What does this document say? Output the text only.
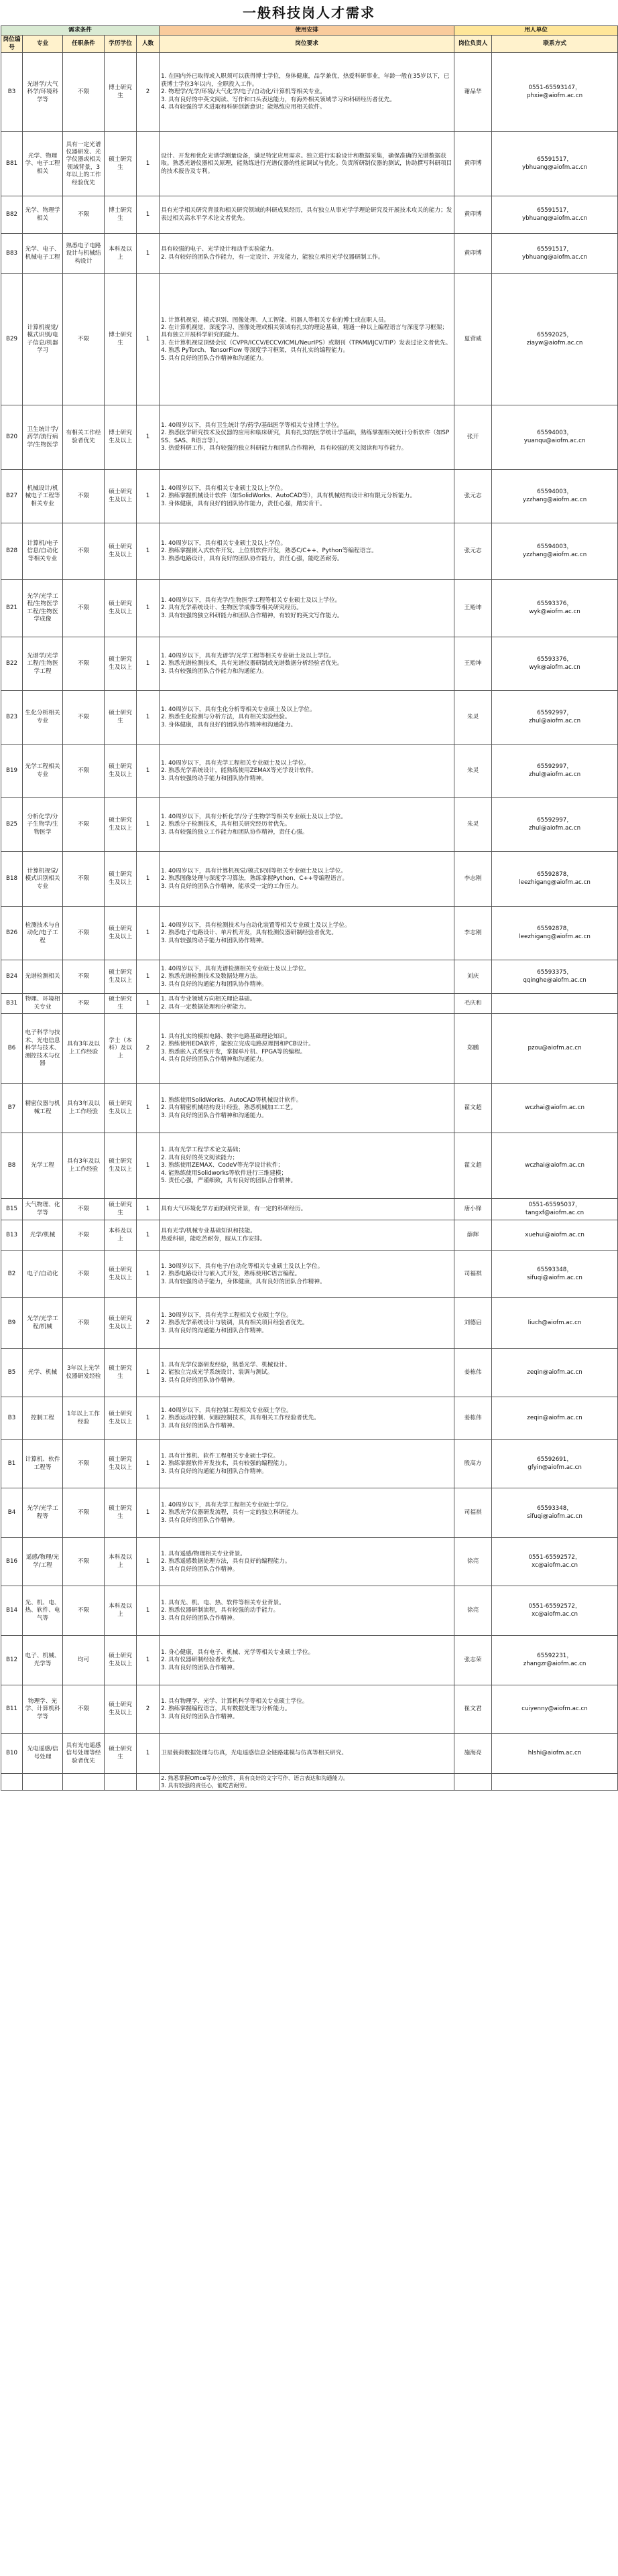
一般科技岗人才需求
需求条件					使用安排	用人单位	
岗位编号	专业	任职条件	学历学位	人数	岗位要求	岗位负责人	联系方式
B3	光谱学/大气科学/环境科学等	不限	博士研究生	2	1. 在国内外已取得或入职须可以获得博士学位，身体健康，品学兼优，热爱科研事业，年龄一般在35岁以下，已获博士学位3年以内，全职投入工作。
2. 物理学/光学/环境/大气化学/电子/自动化/计算机等相关专业。
3. 具有良好的中英文阅读、写作和口头表达能力，有海外相关领域学习和科研经历者优先。
4. 具有较强的学术进取和科研创新意识；能熟练应用相关软件。	谢品华	0551-65593147，
phxie@aiofm.ac.cn
B81	光学、物理学、电子工程相关	具有一定光谱仪器研发、光学仪器或相关领域背景，3年以上的工作经验优先	硕士研究生	1	设计、开发和优化光谱学测量设备，满足特定应用需求。独立进行实验设计和数据采集，确保准确的光谱数据获取。熟悉光谱仪器相关原理，能熟练进行光谱仪器的性能调试与优化。负责所研制仪器的测试，协助撰写科研项目的技术报告及专利。	黄印博	65591517，
ybhuang@aiofm.ac.cn
B82	光学、物理学相关	不限	博士研究生	1	具有光学相关研究背景和相关研究领域的科研成果经历，具有独立从事光学学理论研究及开展技术攻关的能力；发表过相关高水平学术论文者优先。	黄印博	65591517，
ybhuang@aiofm.ac.cn
B83	光学、电子、机械电子工程	熟悉电子电路设计与机械结构设计	本科及以上	1	具有较强的电子、光学设计和动手实验能力。
2. 具有较好的团队合作能力，有一定设计、开发能力，能独立承担光学仪器研制工作。	黄印博	65591517，
ybhuang@aiofm.ac.cn
B29	计算机视觉/模式识别/电子信息/机器学习	不限	博士研究生	1	1. 计算机视觉、模式识别、图像处理、人工智能、机器人等相关专业的博士或在职人员。
2. 在计算机视觉、深度学习、图像处理或相关领域有扎实的理论基础，精通一种以上编程语言与深度学习框架；具有独立开展科学研究的能力。
3. 在计算机视觉顶级会议（CVPR/ICCV/ECCV/ICML/NeurIPS）或期刊（TPAMI/IJCV/TIP）发表过论文者优先。
4. 熟悉 PyTorch、TensorFlow 等深度学习框架，具有扎实的编程能力。
5. 具有良好的团队合作精神和沟通能力。	夏营威	65592025，
ziayw@aiofm.ac.cn
B20	卫生统计学/药学/流行病学/生物医学	有相关工作经验者优先	博士研究生及以上	1	1. 40周岁以下，具有卫生统计学/药学/基础医学等相关专业博士学位。
2. 熟悉医学研究技术及仪器的应用和临床研究，具有扎实的医学统计学基础，熟练掌握相关统计分析软件（如SPSS、SAS、R语言等）。
3. 热爱科研工作，具有较强的独立科研能力和团队合作精神，具有较强的英文阅读和写作能力。	张开	65594003，
yuanqu@aiofm.ac.cn
B27	机械设计/机械电子工程等相关专业	不限	硕士研究生及以上	1	1. 40周岁以下，具有相关专业硕士及以上学位。
2. 熟练掌握机械设计软件（如SolidWorks、AutoCAD等），具有机械结构设计和有限元分析能力。
3. 身体健康，具有良好的团队协作能力，责任心强，踏实肯干。	张元志	65594003，
yzzhang@aiofm.ac.cn
B28	计算机/电子信息/自动化等相关专业	不限	硕士研究生及以上	1	1. 40周岁以下，具有相关专业硕士及以上学位。
2. 熟练掌握嵌入式软件开发、上位机软件开发，熟悉C/C++、Python等编程语言。
3. 熟悉电路设计，具有良好的团队协作能力，责任心强，能吃苦耐劳。	张元志	65594003，
yzzhang@aiofm.ac.cn
B21	光学/光学工程/生物医学工程/生物医学成像	不限	硕士研究生及以上	1	1. 40周岁以下，具有光学/生物医学工程等相关专业硕士及以上学位。
2. 具有光学系统设计、生物医学成像等相关研究经历。
3. 具有较强的独立科研能力和团队合作精神，有较好的英文写作能力。	王贻坤	65593376，
wyk@aiofm.ac.cn
B22	光谱学/光学工程/生物医学工程	不限	硕士研究生及以上	1	1. 40周岁以下，具有光谱学/光学工程等相关专业硕士及以上学位。
2. 熟悉光谱检测技术，具有光谱仪器研制或光谱数据分析经验者优先。
3. 具有较强的团队合作能力和沟通能力。	王贻坤	65593376，
wyk@aiofm.ac.cn
B23	生化分析相关专业	不限	硕士研究生	1	1. 40周岁以下，具有生化分析等相关专业硕士及以上学位。
2. 熟悉生化检测与分析方法，具有相关实验经验。
3. 身体健康，具有良好的团队协作精神和沟通能力。	朱灵	65592997，
zhul@aiofm.ac.cn
B19	光学工程相关专业	不限	硕士研究生及以上	1	1. 40周岁以下，具有光学工程相关专业硕士及以上学位。
2. 熟悉光学系统设计，能熟练使用ZEMAX等光学设计软件。
3. 具有较强的动手能力和团队协作精神。	朱灵	65592997，
zhul@aiofm.ac.cn
B25	分析化学/分子生物学/生物医学	不限	硕士研究生及以上	1	1. 40周岁以下，具有分析化学/分子生物学等相关专业硕士及以上学位。
2. 熟悉分子检测技术，具有相关研究经历者优先。
3. 具有较强的独立工作能力和团队协作精神，责任心强。	朱灵	65592997，
zhul@aiofm.ac.cn
B18	计算机视觉/模式识别相关专业	不限	硕士研究生及以上	1	1. 40周岁以下，具有计算机视觉/模式识别等相关专业硕士及以上学位。
2. 熟悉图像处理与深度学习算法，熟练掌握Python、C++等编程语言。
3. 具有良好的团队合作精神，能承受一定的工作压力。	李志刚	65592878，
leezhigang@aiofm.ac.cn
B26	检测技术与自动化/电子工程	不限	硕士研究生及以上	1	1. 40周岁以下，具有检测技术与自动化装置等相关专业硕士及以上学位。
2. 熟悉电子电路设计、单片机开发，具有检测仪器研制经验者优先。
3. 具有较强的动手能力和团队协作精神。	李志刚	65592878，
leezhigang@aiofm.ac.cn
B24	光谱检测相关	不限	硕士研究生及以上	1	1. 40周岁以下，具有光谱检测相关专业硕士及以上学位。
2. 熟悉光谱检测技术及数据处理方法。
3. 具有良好的沟通能力和团队协作精神。	刘庆	65593375，
qqinghe@aiofm.ac.cn
B31	物理、环境相关专业	不限	硕士研究生	1	1. 具有专业领域方向相关理论基础。
2. 具有一定数据处理和分析能力。	毛庆和	
B6	电子科学与技术、光电信息科学与技术、测控技术与仪器	具有3年及以上工作经验	学士（本科）及以上	2	1. 具有扎实的模拟电路、数字电路基础理论知识。
2. 熟练使用EDA软件，能独立完成电路原理图和PCB设计。
3. 熟悉嵌入式系统开发，掌握单片机、FPGA等的编程。
4. 具有良好的团队合作精神和沟通能力。	郑鹏	pzou@aiofm.ac.cn
B7	精密仪器与机械工程	具有3年及以上工作经验	硕士研究生及以上	1	1. 熟练使用SolidWorks、AutoCAD等机械设计软件。
2. 具有精密机械结构设计经验，熟悉机械加工工艺。
3. 具有良好的团队合作精神和沟通能力。	翟文超	wczhai@aiofm.ac.cn
B8	光学工程	具有3年及以上工作经验	硕士研究生及以上	1	1. 具有光学工程学术论文基础；
2. 具有良好的英文阅读能力；
3. 熟练使用ZEMAX、CodeV等光学设计软件；
4. 能熟练使用Solidworks等软件进行三维建模；
5. 责任心强，严谨细致，具有良好的团队合作精神。	翟文超	wczhai@aiofm.ac.cn
B15	大气物理、化学等	不限	硕士研究生	1	具有大气环境化学方面的研究背景，有一定的科研经历。	唐小锋	0551-65595037，
tangxf@aiofm.ac.cn
B13	光学/机械	不限	本科及以上	1	具有光学/机械专业基础知识和技能。
热爱科研，能吃苦耐劳，服从工作安排。	薛辉	xuehui@aiofm.ac.cn
B2	电子/自动化	不限	硕士研究生及以上	1	1. 30周岁以下，具有电子/自动化等相关专业硕士及以上学位。
2. 熟悉电路设计与嵌入式开发，熟练使用C语言编程。
3. 具有较强的动手能力，身体健康，具有良好的团队合作精神。	司福祺	65593348，
sifuqi@aiofm.ac.cn
B9	光学/光学工程/机械	不限	硕士研究生及以上	2	1. 30周岁以下，具有光学工程相关专业硕士学位。
2. 熟悉光学系统设计与装调，具有相关项目经验者优先。
3. 具有良好的沟通能力和团队合作精神。	刘德启	liuch@aiofm.ac.cn
B5	光学、机械	3年以上光学仪器研发经验	硕士研究生	1	1. 具有光学仪器研发经验，熟悉光学、机械设计。
2. 能独立完成光学系统设计、装调与测试。
3. 具有良好的团队协作精神。	姜栋伟	zeqin@aiofm.ac.cn
B3	控制工程	1年以上工作经验	硕士研究生及以上	1	1. 40周岁以下，具有控制工程相关专业硕士学位。
2. 熟悉运动控制、伺服控制技术，具有相关工作经验者优先。
3. 具有良好的团队合作精神。	姜栋伟	zeqin@aiofm.ac.cn
B1	计算机、软件工程等	不限	硕士研究生及以上	1	1. 具有计算机、软件工程相关专业硕士学位。
2. 熟练掌握软件开发技术，具有较强的编程能力。
3. 具有良好的沟通能力和团队合作精神。	殷高方	65592691，
gfyin@aiofm.ac.cn
B4	光学/光学工程等	不限	硕士研究生	1	1. 40周岁以下，具有光学工程相关专业硕士学位。
2. 熟悉光学仪器研发流程，具有一定的独立科研能力。
3. 具有良好的团队合作精神。	司福祺	65593348，
sifuqi@aiofm.ac.cn
B16	遥感/物理/光学/工程	不限	本科及以上	1	1. 具有遥感/物理相关专业背景。
2. 熟悉遥感数据处理方法，具有良好的编程能力。
3. 具有良好的团队合作精神。	徐亮	0551-65592572，
xc@aiofm.ac.cn
B14	光、机、电、热、软件、电气等	不限	本科及以上	1	1. 具有光、机、电、热、软件等相关专业背景。
2. 熟悉仪器研制流程，具有较强的动手能力。
3. 具有良好的团队合作精神。	徐亮	0551-65592572，
xc@aiofm.ac.cn
B12	电子、机械、光学等	均可	硕士研究生及以上	1	1. 身心健康，具有电子、机械、光学等相关专业硕士学位。
2. 具有仪器研制经验者优先。
3. 具有良好的团队合作精神。	张志荣	65592231，
zhangzr@aiofm.ac.cn
B11	物理学、光学、计算机科学等	不限	硕士研究生及以上	2	1. 具有物理学、光学、计算机科学等相关专业硕士学位。
2. 熟练掌握编程语言，具有数据处理与分析能力。
3. 具有良好的团队合作精神。	崔文君	cuiyenny@aiofm.ac.cn
B10	光电遥感/信号处理	具有光电遥感信号处理等经验者优先	硕士研究生	1	卫星载荷数据处理与仿真，光电遥感信息全链路建模与仿真等相关研究。	施海亮	hlshi@aiofm.ac.cn
					2. 熟悉掌握Office等办公软件，具有良好的文字写作、语言表达和沟通能力。
3. 具有较强的责任心，能吃苦耐劳。		
